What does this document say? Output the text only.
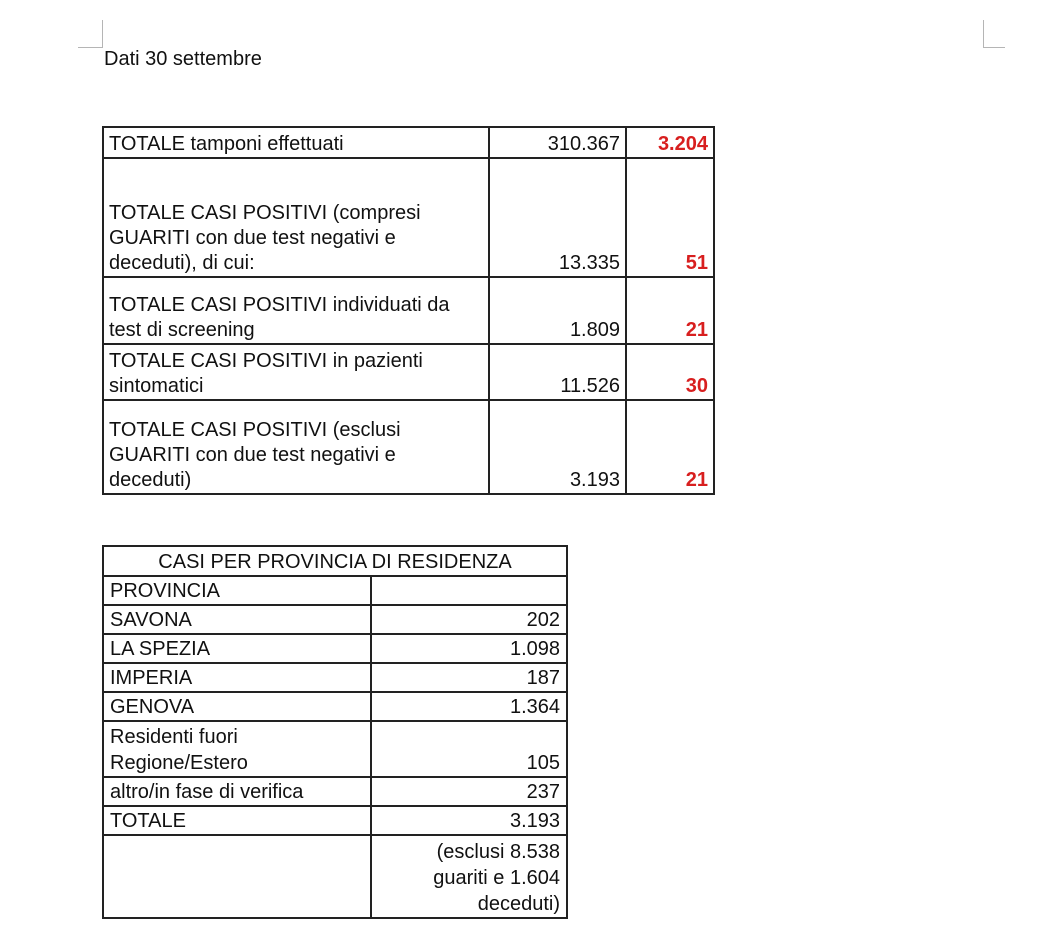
Dati 30 settembre
TOTALE tamponi effettuati	310.367	3.204
TOTALE CASI POSITIVI (compresi GUARITI con due test negativi e deceduti), di cui:	13.335	51
TOTALE CASI POSITIVI individuati da test di screening	1.809	21
TOTALE CASI POSITIVI in pazienti sintomatici	11.526	30
TOTALE CASI POSITIVI (esclusi GUARITI con due test negativi e deceduti)	3.193	21
CASI PER PROVINCIA DI RESIDENZA	
PROVINCIA	
SAVONA	202
LA SPEZIA	1.098
IMPERIA	187
GENOVA	1.364
Residenti fuori Regione/Estero	105
altro/in fase di verifica	237
TOTALE	3.193
	(esclusi 8.538 guariti e 1.604 deceduti)
